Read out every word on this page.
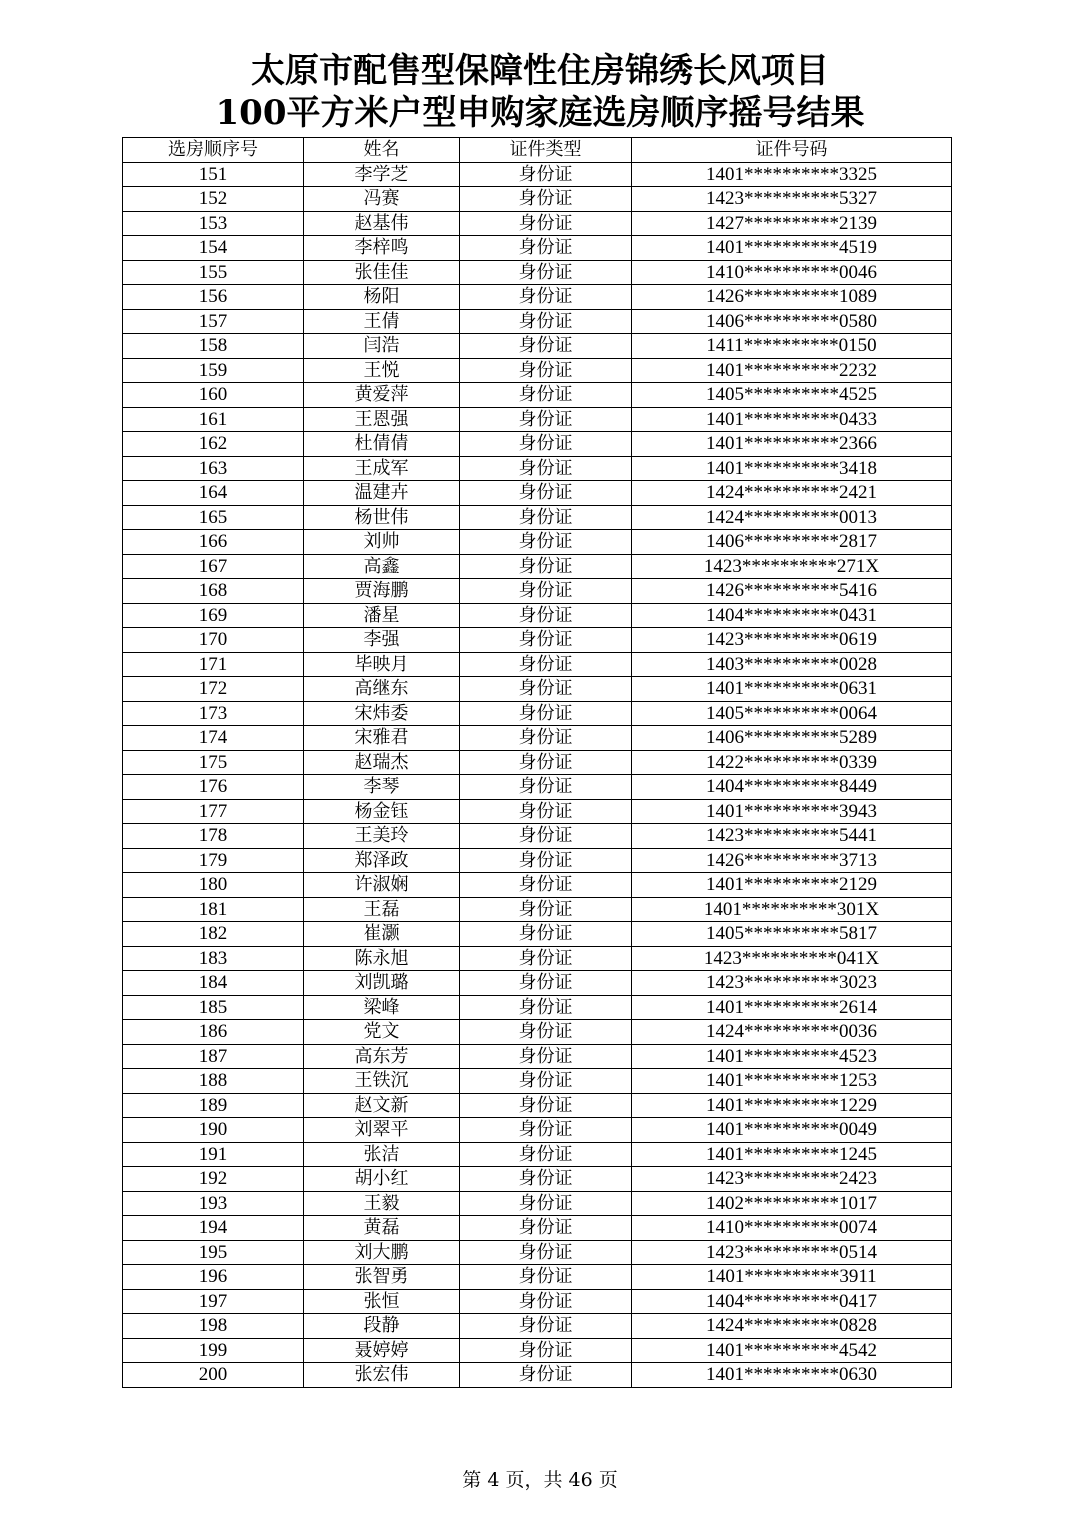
太原市配售型保障性住房锦绣长风项目
100平方米户型申购家庭选房顺序摇号结果
选房顺序号	姓名	证件类型	证件号码
151	李学芝	身份证	1401**********3325
152	冯赛	身份证	1423**********5327
153	赵基伟	身份证	1427**********2139
154	李梓鸣	身份证	1401**********4519
155	张佳佳	身份证	1410**********0046
156	杨阳	身份证	1426**********1089
157	王倩	身份证	1406**********0580
158	闫浩	身份证	1411**********0150
159	王悦	身份证	1401**********2232
160	黄爱萍	身份证	1405**********4525
161	王恩强	身份证	1401**********0433
162	杜倩倩	身份证	1401**********2366
163	王成军	身份证	1401**********3418
164	温建卉	身份证	1424**********2421
165	杨世伟	身份证	1424**********0013
166	刘帅	身份证	1406**********2817
167	高鑫	身份证	1423**********271X
168	贾海鹏	身份证	1426**********5416
169	潘星	身份证	1404**********0431
170	李强	身份证	1423**********0619
171	毕映月	身份证	1403**********0028
172	高继东	身份证	1401**********0631
173	宋炜委	身份证	1405**********0064
174	宋雅君	身份证	1406**********5289
175	赵瑞杰	身份证	1422**********0339
176	李琴	身份证	1404**********8449
177	杨金钰	身份证	1401**********3943
178	王美玲	身份证	1423**********5441
179	郑泽政	身份证	1426**********3713
180	许淑娴	身份证	1401**********2129
181	王磊	身份证	1401**********301X
182	崔灏	身份证	1405**********5817
183	陈永旭	身份证	1423**********041X
184	刘凯璐	身份证	1423**********3023
185	梁峰	身份证	1401**********2614
186	党文	身份证	1424**********0036
187	高东芳	身份证	1401**********4523
188	王铁沉	身份证	1401**********1253
189	赵文新	身份证	1401**********1229
190	刘翠平	身份证	1401**********0049
191	张洁	身份证	1401**********1245
192	胡小红	身份证	1423**********2423
193	王毅	身份证	1402**********1017
194	黄磊	身份证	1410**********0074
195	刘大鹏	身份证	1423**********0514
196	张智勇	身份证	1401**********3911
197	张恒	身份证	1404**********0417
198	段静	身份证	1424**********0828
199	聂婷婷	身份证	1401**********4542
200	张宏伟	身份证	1401**********0630
第 4 页，共 46 页
